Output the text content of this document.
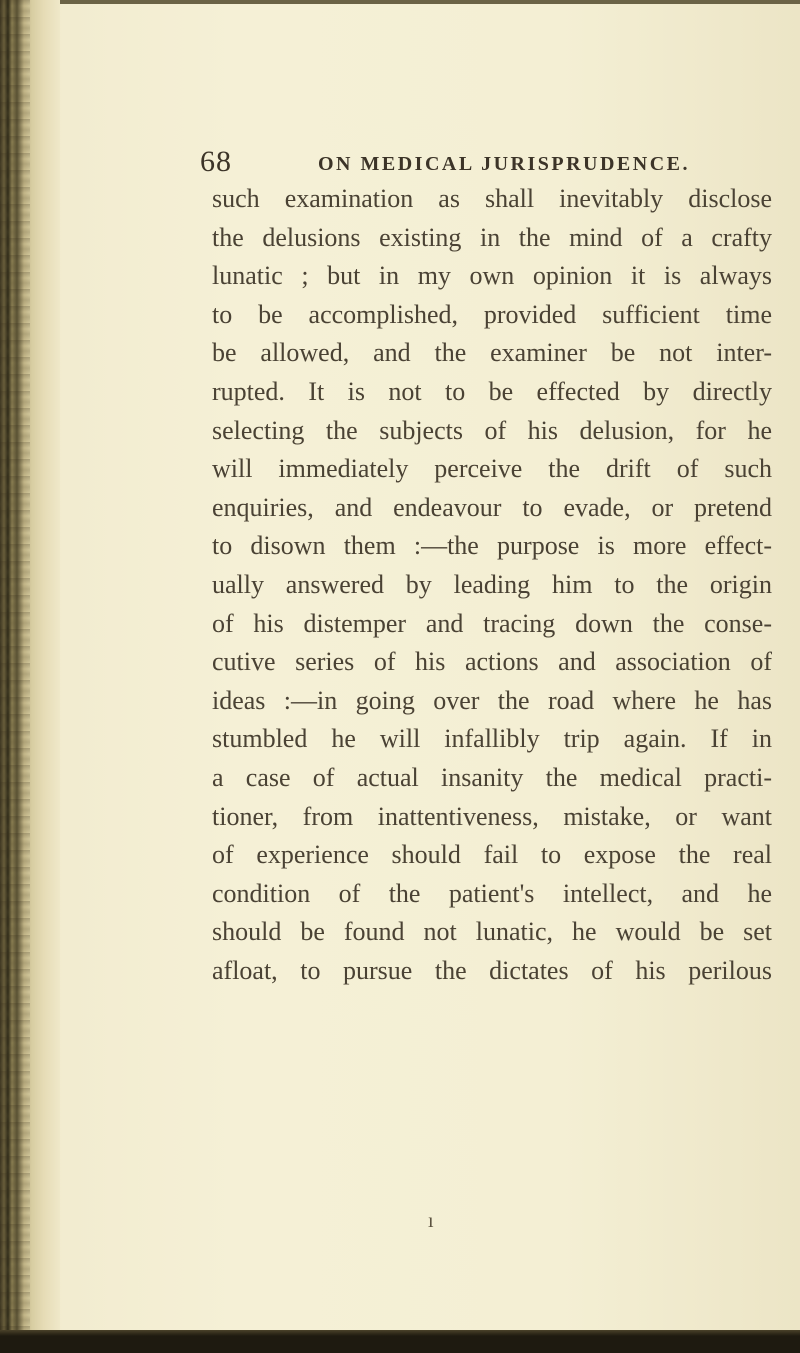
68	ON MEDICAL JURISPRUDENCE.
such examination as shall inevitably disclose
the delusions existing in the mind of a crafty
lunatic ; but in my own opinion it is always
to be accomplished, provided sufficient time
be allowed, and the examiner be not inter-
rupted. It is not to be effected by directly
selecting the subjects of his delusion, for he
will immediately perceive the drift of such
enquiries, and endeavour to evade, or pretend
to disown them :—the purpose is more effect-
ually answered by leading him to the origin
of his distemper and tracing down the conse-
cutive series of his actions and association of
ideas :—in going over the road where he has
stumbled he will infallibly trip again. If in
a case of actual insanity the medical practi-
tioner, from inattentiveness, mistake, or want
of experience should fail to expose the real
condition of the patient's intellect, and he
should be found not lunatic, he would be set
afloat, to pursue the dictates of his perilous
ı
